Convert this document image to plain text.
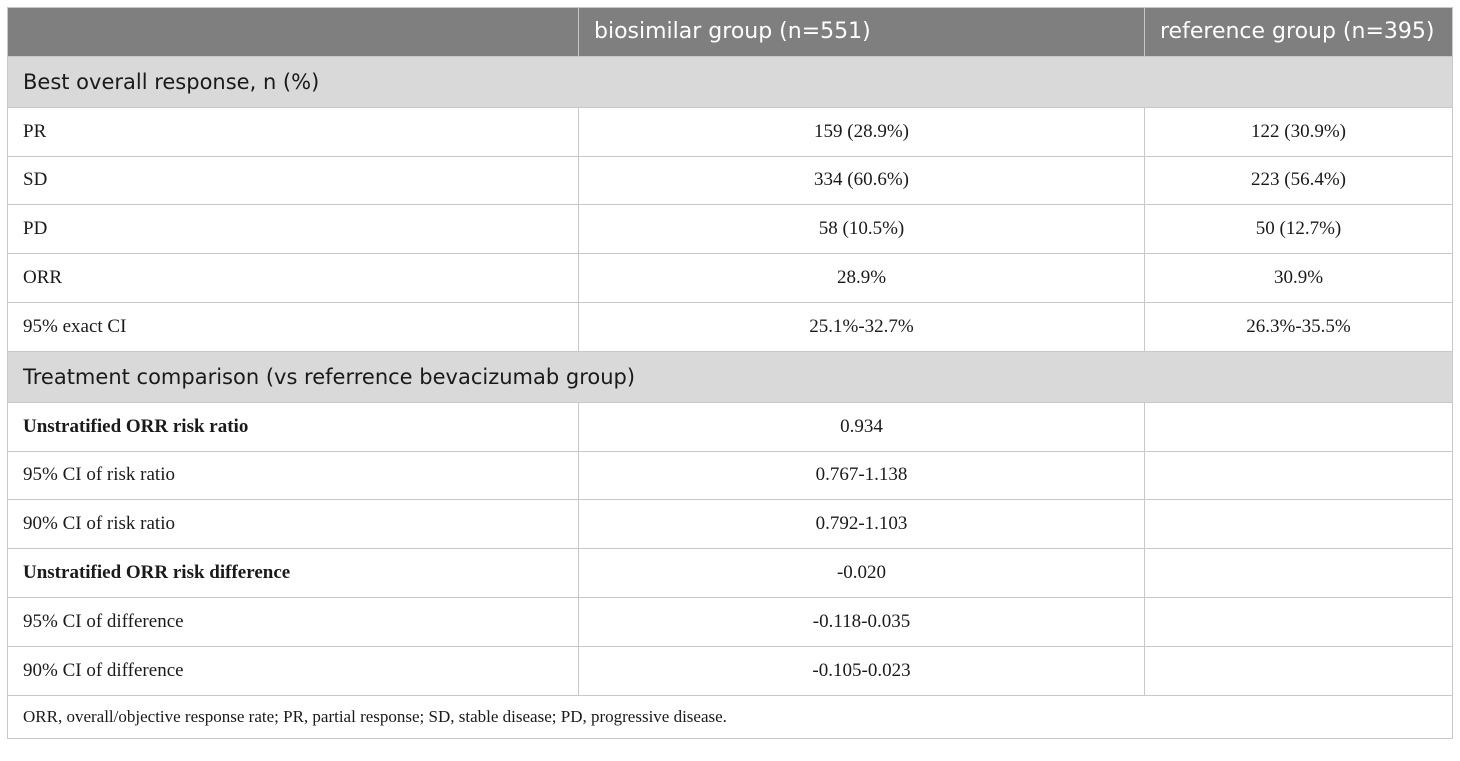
	biosimilar group (n=551)	reference group (n=395)
Best overall response, n (%)		
PR	159 (28.9%)	122 (30.9%)
SD	334 (60.6%)	223 (56.4%)
PD	58 (10.5%)	50 (12.7%)
ORR	28.9%	30.9%
95% exact CI	25.1%-32.7%	26.3%-35.5%
Treatment comparison (vs referrence bevacizumab group)		
Unstratified ORR risk ratio	0.934	
95% CI of risk ratio	0.767-1.138	
90% CI of risk ratio	0.792-1.103	
Unstratified ORR risk difference	-0.020	
95% CI of difference	-0.118-0.035	
90% CI of difference	-0.105-0.023	
ORR, overall/objective response rate; PR, partial response; SD, stable disease; PD, progressive disease.		
